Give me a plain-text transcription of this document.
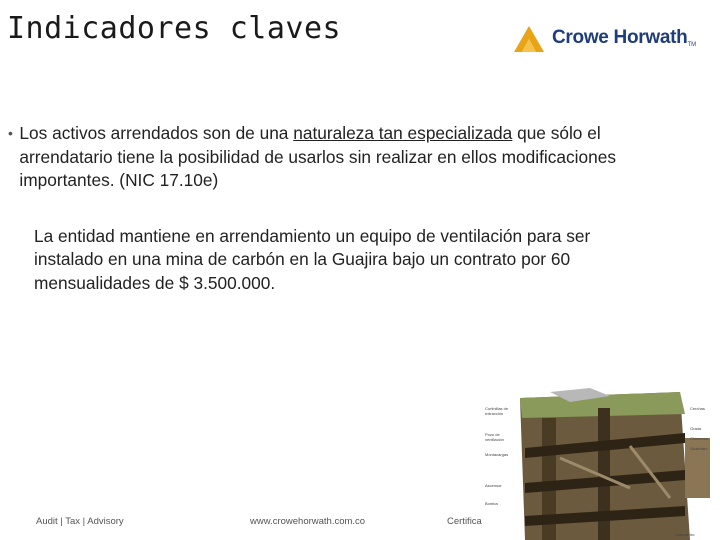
Indicadores claves	Crowe Horwath TM
• Los activos arrendados son de una naturaleza tan especializada que sólo el arrendatario tiene la posibilidad de usarlos sin realizar en ellos modificaciones importantes. (NIC 17.10e)

La entidad mantiene en arrendamiento un equipo de ventilación para ser instalado en una mina de carbón en la Guajira bajo un contrato por 60 mensualidades de $ 3.500.000.

Cortinillas de
extracción
Pozo de
ventilación
Montacargas
Ascensor
Bomba
Cerchas
Grada
Chimenea
Guacharo
Yacimiento
Audit | Tax | Advisory	www.crowehorwath.com.co	Certifica
